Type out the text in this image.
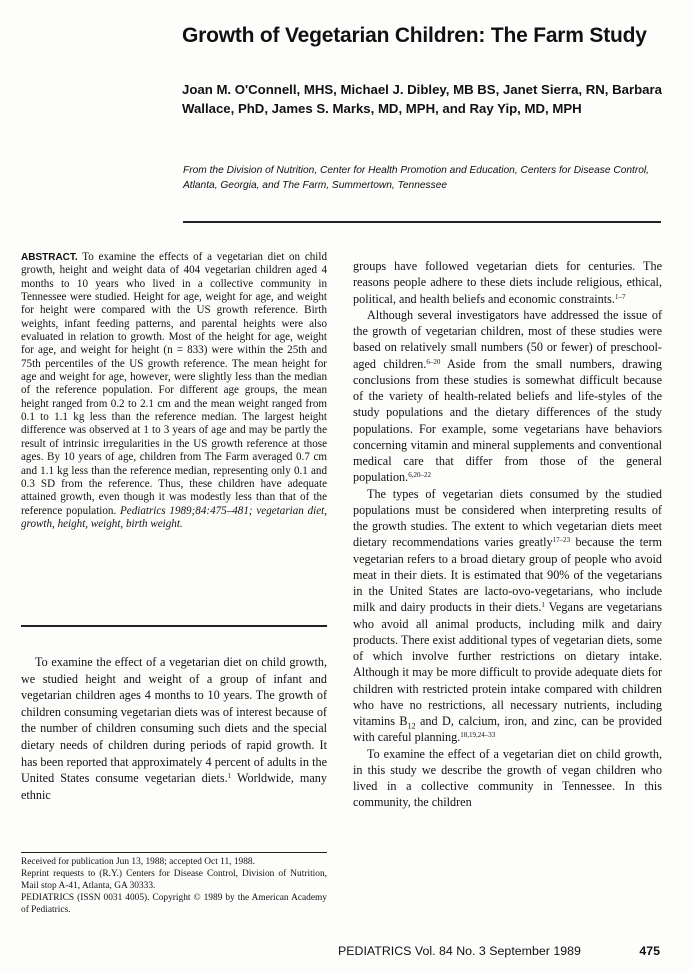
Growth of Vegetarian Children: The Farm Study
Joan M. O'Connell, MHS, Michael J. Dibley, MB BS, Janet Sierra, RN, Barbara Wallace, PhD, James S. Marks, MD, MPH, and Ray Yip, MD, MPH
From the Division of Nutrition, Center for Health Promotion and Education, Centers for Disease Control, Atlanta, Georgia, and The Farm, Summertown, Tennessee
ABSTRACT. To examine the effects of a vegetarian diet on child growth, height and weight data of 404 vegetarian children aged 4 months to 10 years who lived in a collective community in Tennessee were studied. Height for age, weight for age, and weight for height were compared with the US growth reference. Birth weights, infant feeding patterns, and parental heights were also evaluated in relation to growth. Most of the height for age, weight for age, and weight for height (n = 833) were within the 25th and 75th percentiles of the US growth reference. The mean height for age and weight for age, however, were slightly less than the median of the reference population. For different age groups, the mean height ranged from 0.2 to 2.1 cm and the mean weight ranged from 0.1 to 1.1 kg less than the reference median. The largest height difference was observed at 1 to 3 years of age and may be partly the result of intrinsic irregularities in the US growth reference at those ages. By 10 years of age, children from The Farm averaged 0.7 cm and 1.1 kg less than the reference median, representing only 0.1 and 0.3 SD from the reference. Thus, these children have adequate attained growth, even though it was modestly less than that of the reference population. Pediatrics 1989;84:475–481; vegetarian diet, growth, height, weight, birth weight.

To examine the effect of a vegetarian diet on child growth, we studied height and weight of a group of infant and vegetarian children ages 4 months to 10 years. The growth of children consuming vegetarian diets was of interest because of the number of children consuming such diets and the special dietary needs of children during periods of rapid growth. It has been reported that approximately 4 percent of adults in the United States consume vegetarian diets.$^1$ Worldwide, many ethnic

Received for publication Jun 13, 1988; accepted Oct 11, 1988.

Reprint requests to (R.Y.) Centers for Disease Control, Division of Nutrition, Mail stop A-41, Atlanta, GA 30333.

PEDIATRICS (ISSN 0031 4005). Copyright © 1989 by the American Academy of Pediatrics.

groups have followed vegetarian diets for centuries. The reasons people adhere to these diets include religious, ethical, political, and health beliefs and economic constraints.$^{1-7}$

Although several investigators have addressed the issue of the growth of vegetarian children, most of these studies were based on relatively small numbers (50 or fewer) of preschool-aged children.$^{6-20}$ Aside from the small numbers, drawing conclusions from these studies is somewhat difficult because of the variety of health-related beliefs and life-styles of the study populations and the dietary differences of the study populations. For example, some vegetarians have behaviors concerning vitamin and mineral supplements and conventional medical care that differ from those of the general population.$^{6,20-22}$

The types of vegetarian diets consumed by the studied populations must be considered when interpreting results of the growth studies. The extent to which vegetarian diets meet dietary recommendations varies greatly$^{17-23}$ because the term vegetarian refers to a broad dietary group of people who avoid meat in their diets. It is estimated that 90% of the vegetarians in the United States are lacto-ovo-vegetarians, who include milk and dairy products in their diets.$^1$ Vegans are vegetarians who avoid all animal products, including milk and dairy products. There exist additional types of vegetarian diets, some of which involve further restrictions on dietary intake. Although it may be more difficult to provide adequate diets for children with restricted protein intake compared with children who have no restrictions, all necessary nutrients, including vitamins $B_{12}$ and D, calcium, iron, and zinc, can be provided with careful planning.$^{18,19,24-33}$

To examine the effect of a vegetarian diet on child growth, in this study we describe the growth of vegan children who lived in a collective community in Tennessee. In this community, the children

PEDIATRICS Vol. 84 No. 3 September 1989	475
